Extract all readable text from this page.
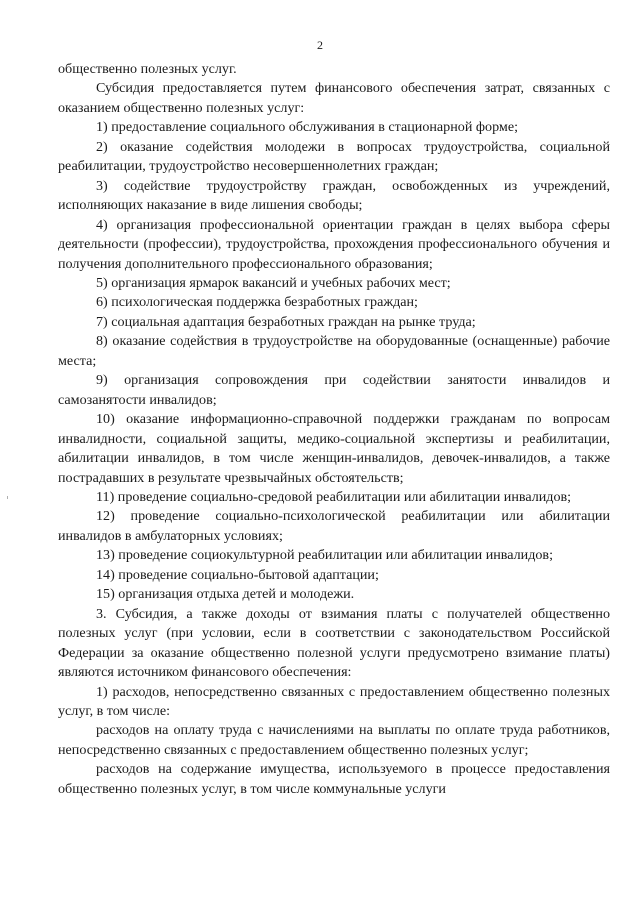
2

общественно полезных услуг.

Субсидия предоставляется путем финансового обеспечения затрат, связанных с оказанием общественно полезных услуг:

1) предоставление социального обслуживания в стационарной форме;

2) оказание содействия молодежи в вопросах трудоустройства, социальной реабилитации, трудоустройство несовершеннолетних граждан;

3) содействие трудоустройству граждан, освобожденных из учреждений, исполняющих наказание в виде лишения свободы;

4) организация профессиональной ориентации граждан в целях выбора сферы деятельности (профессии), трудоустройства, прохождения профессионального обучения и получения дополнительного профессионального образования;

5) организация ярмарок вакансий и учебных рабочих мест;

6) психологическая поддержка безработных граждан;

7) социальная адаптация безработных граждан на рынке труда;

8) оказание содействия в трудоустройстве на оборудованные (оснащенные) рабочие места;

9) организация сопровождения при содействии занятости инвалидов и самозанятости инвалидов;

10) оказание информационно-справочной поддержки гражданам по вопросам инвалидности, социальной защиты, медико-социальной экспертизы и реабилитации, абилитации инвалидов, в том числе женщин-инвалидов, девочек-инвалидов, а также пострадавших в результате чрезвычайных обстоятельств;

11) проведение социально-средовой реабилитации или абилитации инвалидов;

12) проведение социально-психологической реабилитации или абилитации инвалидов в амбулаторных условиях;

13) проведение социокультурной реабилитации или абилитации инвалидов;

14) проведение социально-бытовой адаптации;

15) организация отдыха детей и молодежи.

3. Субсидия, а также доходы от взимания платы с получателей общественно полезных услуг (при условии, если в соответствии с законодательством Российской Федерации за оказание общественно полезной услуги предусмотрено взимание платы) являются источником финансового обеспечения:

1) расходов, непосредственно связанных с предоставлением общественно полезных услуг, в том числе:

расходов на оплату труда с начислениями на выплаты по оплате труда работников, непосредственно связанных с предоставлением общественно полезных услуг;

расходов на содержание имущества, используемого в процессе предоставления общественно полезных услуг, в том числе коммунальные услуги
